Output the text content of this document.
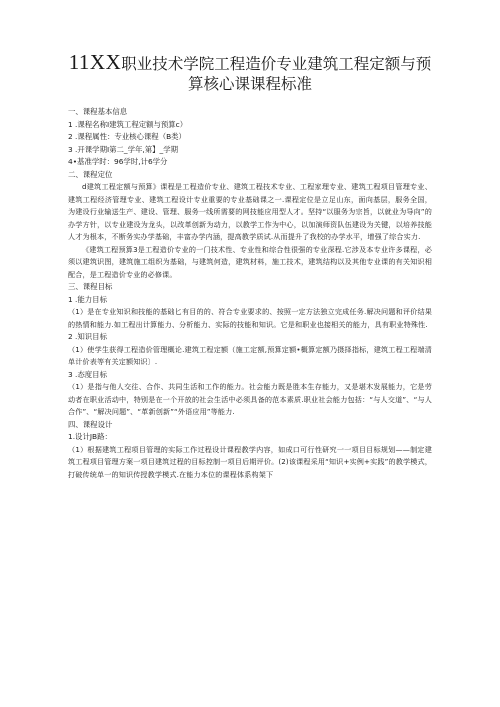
11XX职业技术学院工程造价专业建筑工程定额与预
算核心课课程标准

一、课程基本信息

1 .课程名称I建筑工程定额与预算c）

2 .课程属性：专业核心课程（B类）

3 .开课学期I第二_学年,第】_学期

4•基准学时：96学时,计6学分

二、课程定位

d建筑工程定额与预算》课程是工程造价专业、建筑工程技术专业、工程家理专业、建筑工程项目管理专业、建筑工程经济管理专业、建筑工程设计专业重要的专业基础课之一.课程定位是立足山东，面向基层，服务全国，为建设行业输送生产、建设、管理、服务一线所需要的网技能应用型人才。坚持“以服务为宗旨，以就业为导向”的办学方针，以专业建设为龙头，以改革创新为动力，以教学工作为中心，以加演师资队伍建设为关键，以培养技能人才为根本，不断务实办学基础，丰富办学内涵，提高教学质试.从而提升了我校的办学水平，增强了综合实力.

《建筑工程预算3是工程造价专业的一门技术性、专业性和综合性很强的专业深程.它涉及本专业许多课程，必须以建筑识图，建筑施工组织为基础，与建筑何造，建筑材料，施工技术，建筑结构以及其他专业课的有关知识相配合，是工程造价专业的必修课。

三、课程目标

1 .能力目标

（1）是在专业知识和技能的基础匕有目的的、符合专业要求的、按照一定方法独立完成任务.解决问题和评价结果的热情和能力.如工程出计算能力、分析能力、实际的技能和知识。它是和职业也接相关的能力，具有职业特殊性.

2 .知识目标

（1）使学生获得工程造价管理概论.建筑工程定额（施工定额,预算定额•概算定额乃摄择指标，建筑工程工程端清单计价表等有关定额知识〕.

3 .态度目标

（1）是指与他人交往、合作、共同生活和工作的能力。社会能力既是胜本生存能力，又是堪木发展能力，它是劳动者在职业活动中，特别是在一个开放的社会生活中必须具备的范本素质.职业社会能力包括：“与人交道”、“与人合作”、“解决问题”、“革新创新”“外语应用”等能力.

四、课程设计

1.设计JB路：

（1）根据建筑工程项目管理的实际工作过程设计课程教学内容，如成口可行性研究一一项目目标规划——制定建筑工程项目管理方案一项目建筑过程的目标控制一项目后期评价。(2)该课程采用“知识+实例+实践”的教学模式，打破传统单一的知识传授教学模式.在能力本位的课程体系构架下
